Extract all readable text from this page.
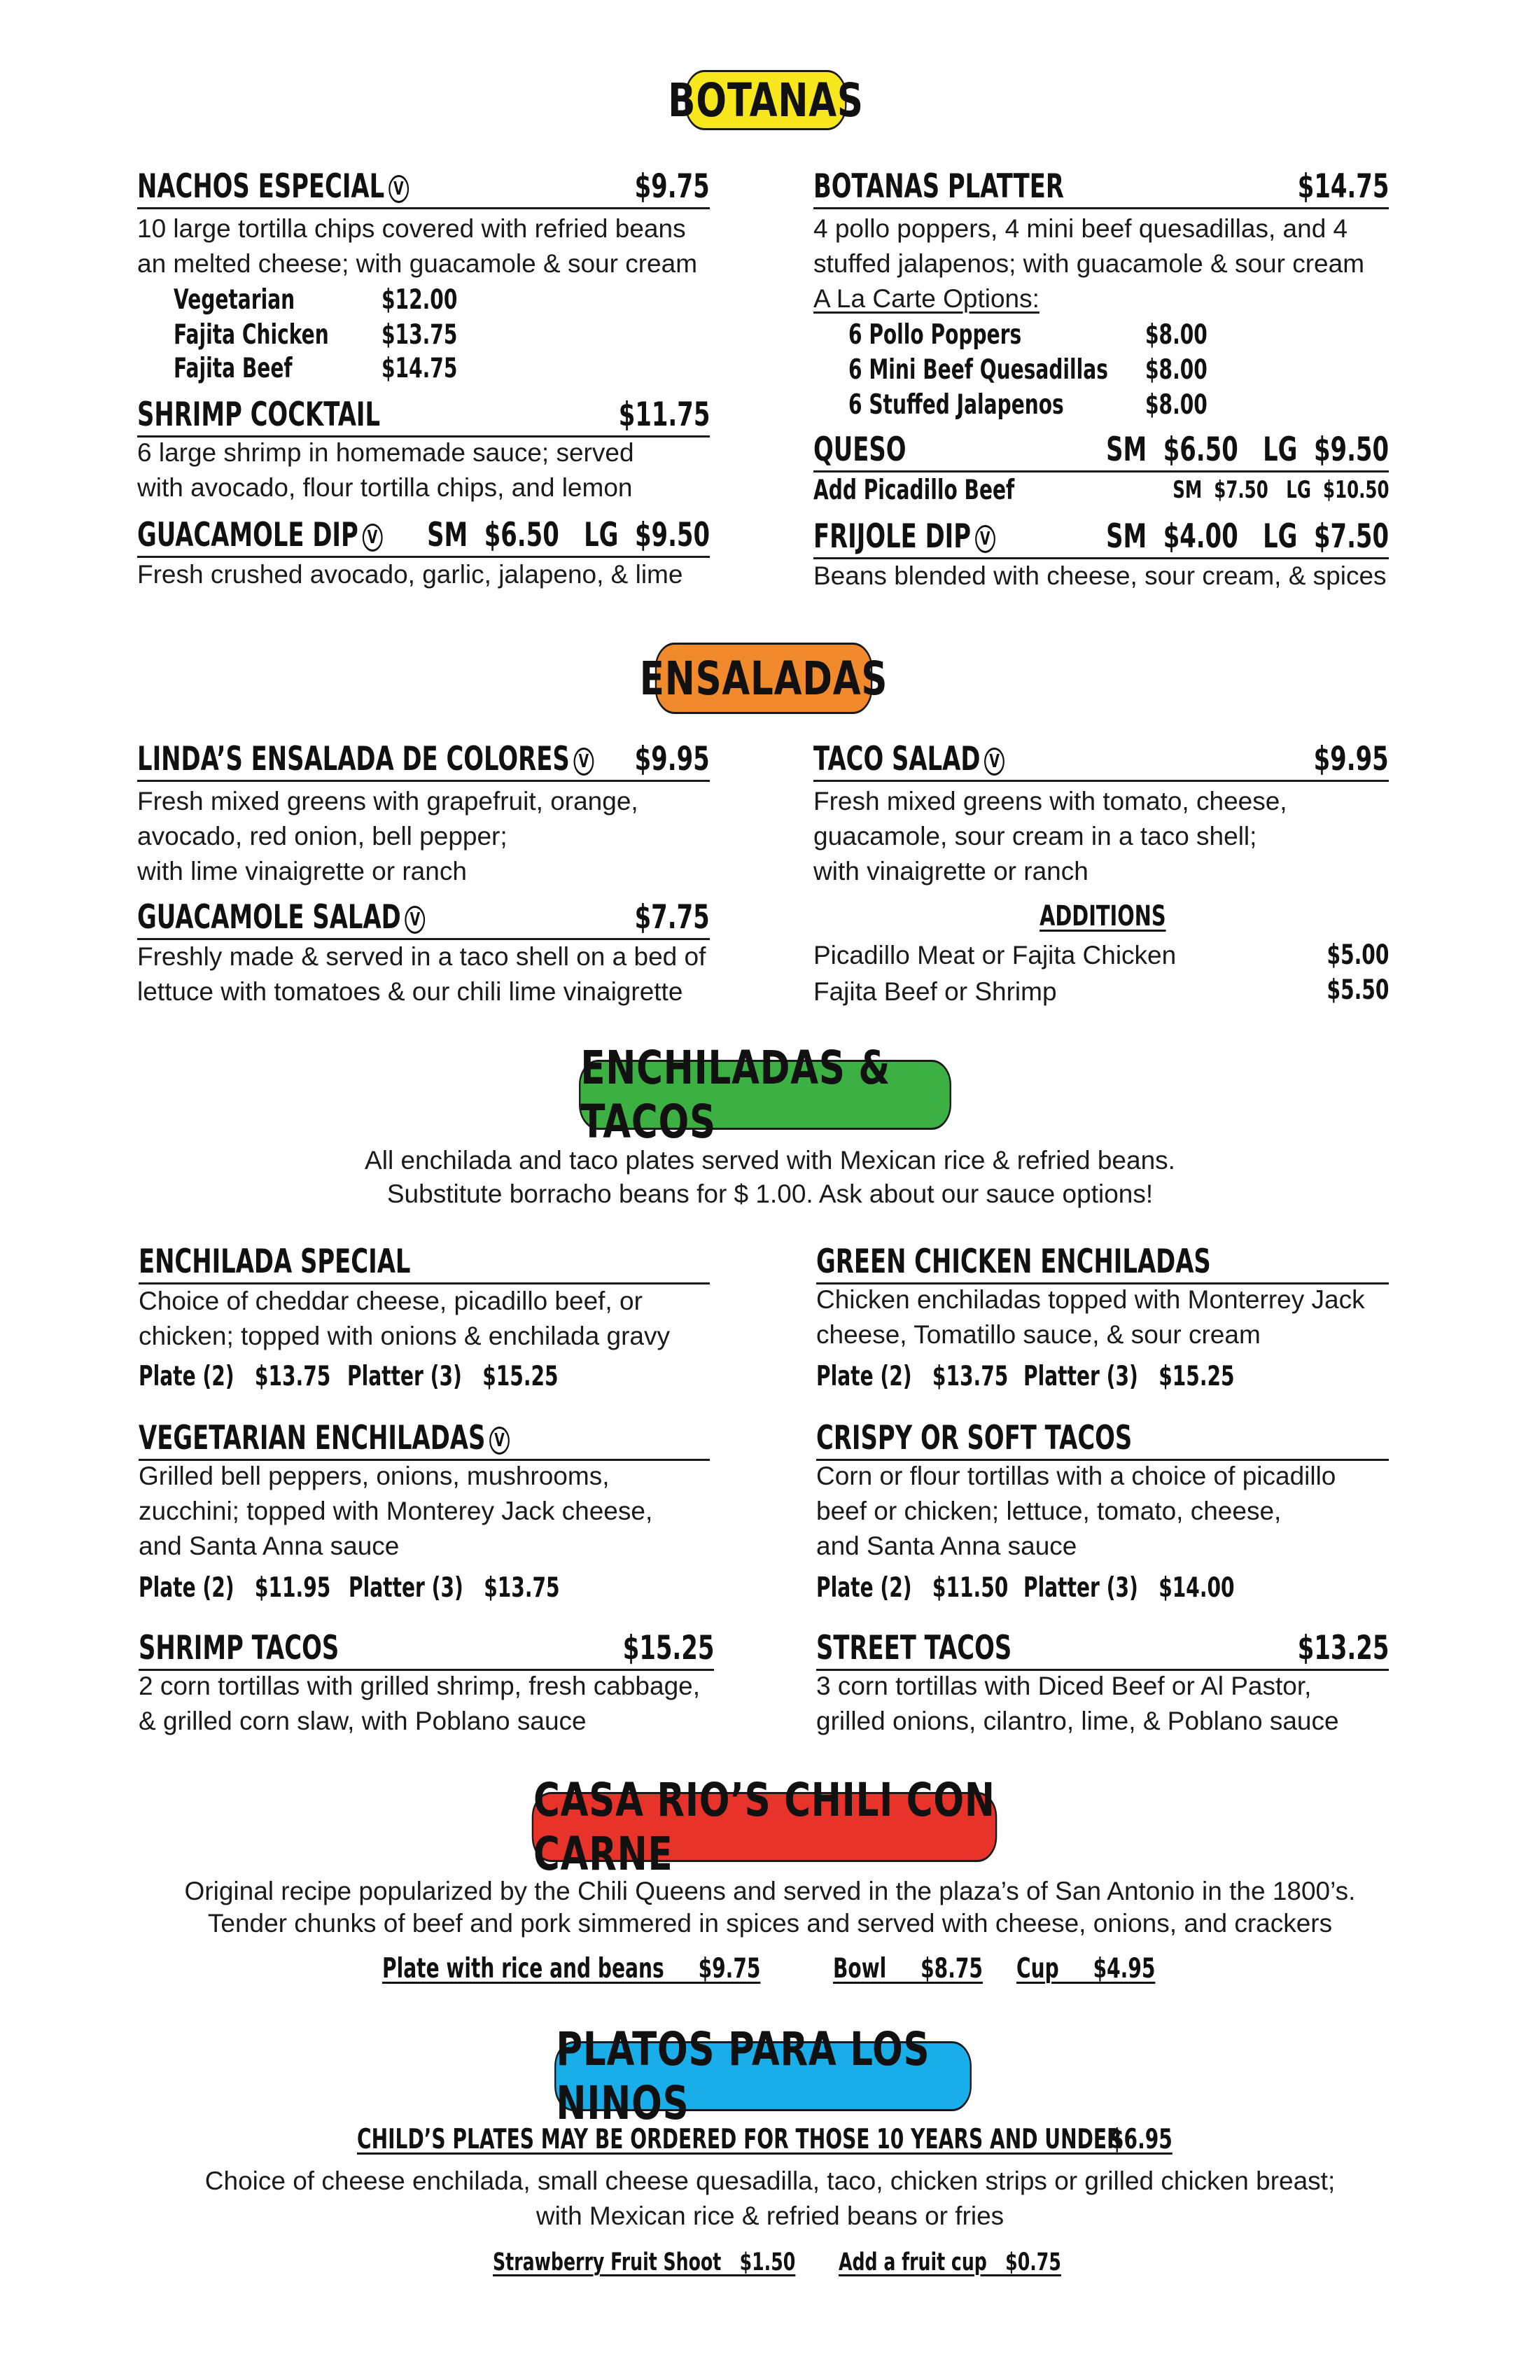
BOTANAS
NACHOS ESPECIAL V	$9.75
10 large tortilla chips covered with refried beans
an melted cheese; with guacamole & sour cream
Vegetarian	$12.00
Fajita Chicken	$13.75
Fajita Beef	$14.75
SHRIMP COCKTAIL	$11.75
6 large shrimp in homemade sauce; served
with avocado, flour tortilla chips, and lemon
GUACAMOLE DIP V SM  $6.50   LG  $9.50
Fresh crushed avocado, garlic, jalapeno, & lime
BOTANAS PLATTER	$14.75
4 pollo poppers, 4 mini beef quesadillas, and 4
stuffed jalapenos; with guacamole & sour cream
A La Carte Options:
6 Pollo Poppers	$8.00
6 Mini Beef Quesadillas	$8.00
6 Stuffed Jalapenos	$8.00
QUESO	SM  $6.50   LG  $9.50
Add Picadillo Beef	SM  $7.50   LG  $10.50
FRIJOLE DIP V	SM  $4.00   LG  $7.50
Beans blended with cheese, sour cream, & spices
ENSALADAS
LINDA’S ENSALADA DE COLORES V $9.95
Fresh mixed greens with grapefruit, orange,
avocado, red onion, bell pepper;
with lime vinaigrette or ranch
GUACAMOLE SALAD V	$7.75
Freshly made & served in a taco shell on a bed of
lettuce with tomatoes & our chili lime vinaigrette
TACO SALAD V	$9.95
Fresh mixed greens with tomato, cheese,
guacamole, sour cream in a taco shell;
with vinaigrette or ranch
ADDITIONS
Picadillo Meat or Fajita Chicken	$5.00
Fajita Beef or Shrimp	$5.50
ENCHILADAS & TACOS
All enchilada and taco plates served with Mexican rice & refried beans.
Substitute borracho beans for $ 1.00. Ask about our sauce options!
ENCHILADA SPECIAL
Choice of cheddar cheese, picadillo beef, or
chicken; topped with onions & enchilada gravy
Plate (2)   $13.75 Platter (3)   $15.25
VEGETARIAN ENCHILADAS V
Grilled bell peppers, onions, mushrooms,
zucchini; topped with Monterey Jack cheese,
and Santa Anna sauce
Plate (2)   $11.95 Platter (3)   $13.75
SHRIMP TACOS	$15.25
2 corn tortillas with grilled shrimp, fresh cabbage,
& grilled corn slaw, with Poblano sauce
GREEN CHICKEN ENCHILADAS
Chicken enchiladas topped with Monterrey Jack
cheese, Tomatillo sauce, & sour cream
Plate (2)   $13.75 Platter (3)   $15.25
CRISPY OR SOFT TACOS
Corn or flour tortillas with a choice of picadillo
beef or chicken; lettuce, tomato, cheese,
and Santa Anna sauce
Plate (2)   $11.50 Platter (3)   $14.00
STREET TACOS	$13.25
3 corn tortillas with Diced Beef or Al Pastor,
grilled onions, cilantro, lime, & Poblano sauce
CASA RIO’S CHILI CON CARNE
Original recipe popularized by the Chili Queens and served in the plaza’s of San Antonio in the 1800’s.
Tender chunks of beef and pork simmered in spices and served with cheese, onions, and crackers
Plate with rice and beans     $9.75	Bowl     $8.75	Cup     $4.95
PLATOS PARA LOS NINOS
CHILD’S PLATES MAY BE ORDERED FOR THOSE 10 YEARS AND UNDER
$6.95
Choice of cheese enchilada, small cheese quesadilla, taco, chicken strips or grilled chicken breast;
with Mexican rice & refried beans or fries
Strawberry Fruit Shoot   $1.50	Add a fruit cup   $0.75
